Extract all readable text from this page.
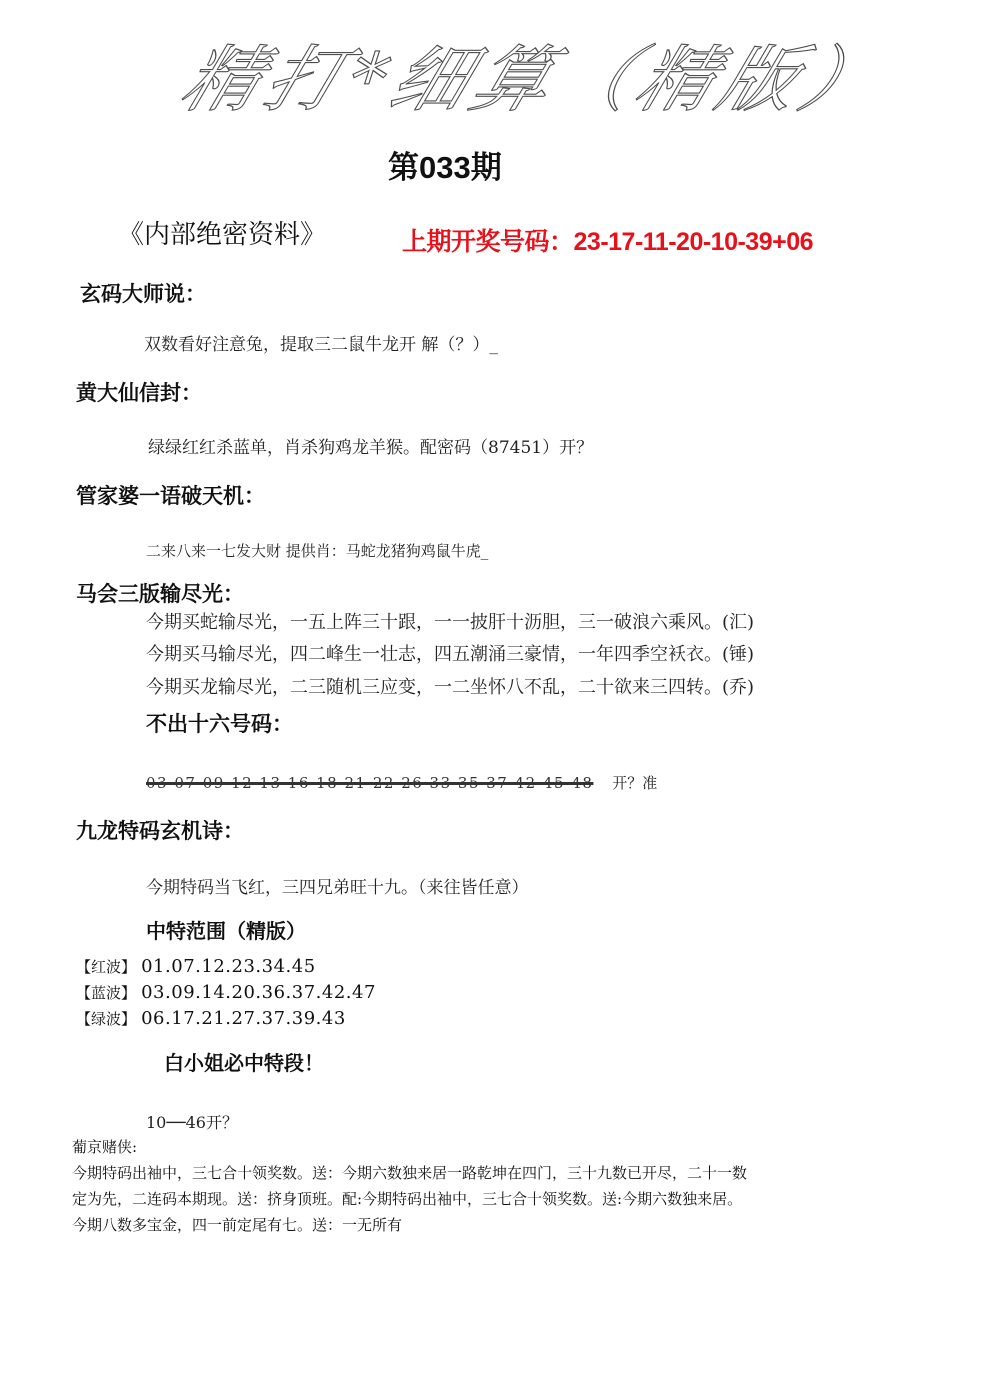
精打*细算（精版）
第033期
《内部绝密资料》	上期开奖号码：23-17-11-20-10-39+06
玄码大师说：
双数看好注意兔，提取三二鼠牛龙开 解（？）_
黄大仙信封：
绿绿红红杀蓝单，肖杀狗鸡龙羊猴。配密码（87451）开？
管家婆一语破天机：
二来八来一七发大财 提供肖：马蛇龙猪狗鸡鼠牛虎_
马会三版输尽光：
今期买蛇输尽光，一五上阵三十跟，一一披肝十沥胆，三一破浪六乘风。(汇)
今期买马输尽光，四二峰生一壮志，四五潮涌三豪情，一年四季空袄衣。(锤)
今期买龙输尽光，二三随机三应变，一二坐怀八不乱，二十欲来三四转。(乔)
不出十六号码：
03 07 09 12 13 16 18 21 22 26 33 35 37 42 45 48 开？准
九龙特码玄机诗：
今期特码当飞红，三四兄弟旺十九。（来往皆任意）
中特范围（精版）
【红波】 01.07.12.23.34.45
【蓝波】 03.09.14.20.36.37.42.47
【绿波】 06.17.21.27.37.39.43
白小姐必中特段！
10──46开？
葡京赌侠:
今期特码出袖中，三七合十领奖数。送：今期六数独来居一路乾坤在四门，三十九数已开尽，二十一数
定为先，二连码本期现。送：挤身顶班。配:今期特码出袖中，三七合十领奖数。送:今期六数独来居。
今期八数多宝金，四一前定尾有七。送：一无所有
